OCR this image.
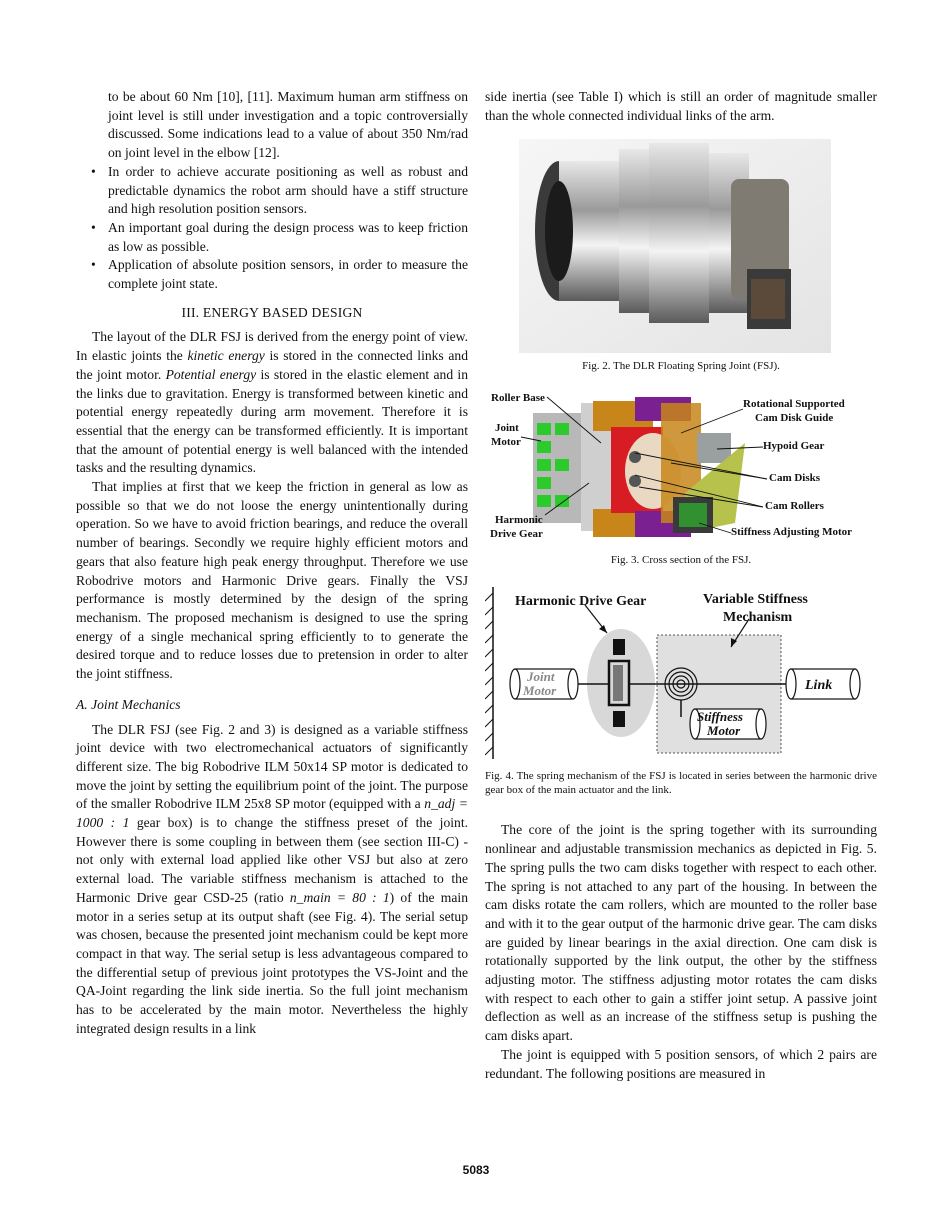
to be about 60 Nm [10], [11]. Maximum human arm stiffness on joint level is still under investigation and a topic controversially discussed. Some indications lead to a value of about 350 Nm/rad on joint level in the elbow [12].
• In order to achieve accurate positioning as well as robust and predictable dynamics the robot arm should have a stiff structure and high resolution position sensors.
• An important goal during the design process was to keep friction as low as possible.
• Application of absolute position sensors, in order to measure the complete joint state.
III. ENERGY BASED DESIGN

The layout of the DLR FSJ is derived from the energy point of view. In elastic joints the kinetic energy is stored in the connected links and the joint motor. Potential energy is stored in the elastic element and in the links due to gravitation. Energy is transformed between kinetic and potential energy repeatedly during arm movement. Therefore it is essential that the energy can be transformed efficiently. It is important that the amount of potential energy is well balanced with the intended tasks and the resulting dynamics.

That implies at first that we keep the friction in general as low as possible so that we do not loose the energy unintentionally during operation. So we have to avoid friction bearings, and reduce the overall number of bearings. Secondly we require highly efficient motors and gears that also feature high peak energy throughput. Therefore we use Robodrive motors and Harmonic Drive gears. Finally the VSJ performance is mostly determined by the design of the spring mechanism. The proposed mechanism is designed to use the spring energy of a single mechanical spring efficiently to to generate the desired torque and to reduce losses due to pretension in order to alter the joint stiffness.

A. Joint Mechanics

The DLR FSJ (see Fig. 2 and 3) is designed as a variable stiffness joint device with two electromechanical actuators of significantly different size. The big Robodrive ILM 50x14 SP motor is dedicated to move the joint by setting the equilibrium point of the joint. The purpose of the smaller Robodrive ILM 25x8 SP motor (equipped with a n_adj = 1000 : 1 gear box) is to change the stiffness preset of the joint. However there is some coupling in between them (see section III-C) - not only with external load applied like other VSJ but also at zero external load. The variable stiffness mechanism is attached to the Harmonic Drive gear CSD-25 (ratio n_main = 80 : 1) of the main motor in a series setup at its output shaft (see Fig. 4). The serial setup was chosen, because the presented joint mechanism could be kept more compact in that way. The serial setup is less advantageous compared to the differential setup of previous joint prototypes the VS-Joint and the QA-Joint regarding the link side inertia. So the full joint mechanism has to be accelerated by the main motor. Nevertheless the highly integrated design results in a link

side inertia (see Table I) which is still an order of magnitude smaller than the whole connected individual links of the arm.

Fig. 2. The DLR Floating Spring Joint (FSJ).
Roller Base
Joint
Motor
Harmonic
Drive Gear
Rotational Supported
Cam Disk Guide
Hypoid Gear
Cam Disks
Cam Rollers
Stiffness Adjusting Motor
Fig. 3. Cross section of the FSJ.
Harmonic Drive Gear	Variable Stiffness
Mechanism
Joint
Motor	Link
Stiffness
Motor
Fig. 4. The spring mechanism of the FSJ is located in series between the harmonic drive gear box of the main actuator and the link.

The core of the joint is the spring together with its surrounding nonlinear and adjustable transmission mechanics as depicted in Fig. 5. The spring pulls the two cam disks together with respect to each other. The spring is not attached to any part of the housing. In between the cam disks rotate the cam rollers, which are mounted to the roller base and with it to the gear output of the harmonic drive gear. The cam disks are guided by linear bearings in the axial direction. One cam disk is rotationally supported by the link output, the other by the stiffness adjusting motor. The stiffness adjusting motor rotates the cam disks with respect to each other to gain a stiffer joint setup. A passive joint deflection as well as an increase of the stiffness setup is pushing the cam disks apart.

The joint is equipped with 5 position sensors, of which 2 pairs are redundant. The following positions are measured in

5083
